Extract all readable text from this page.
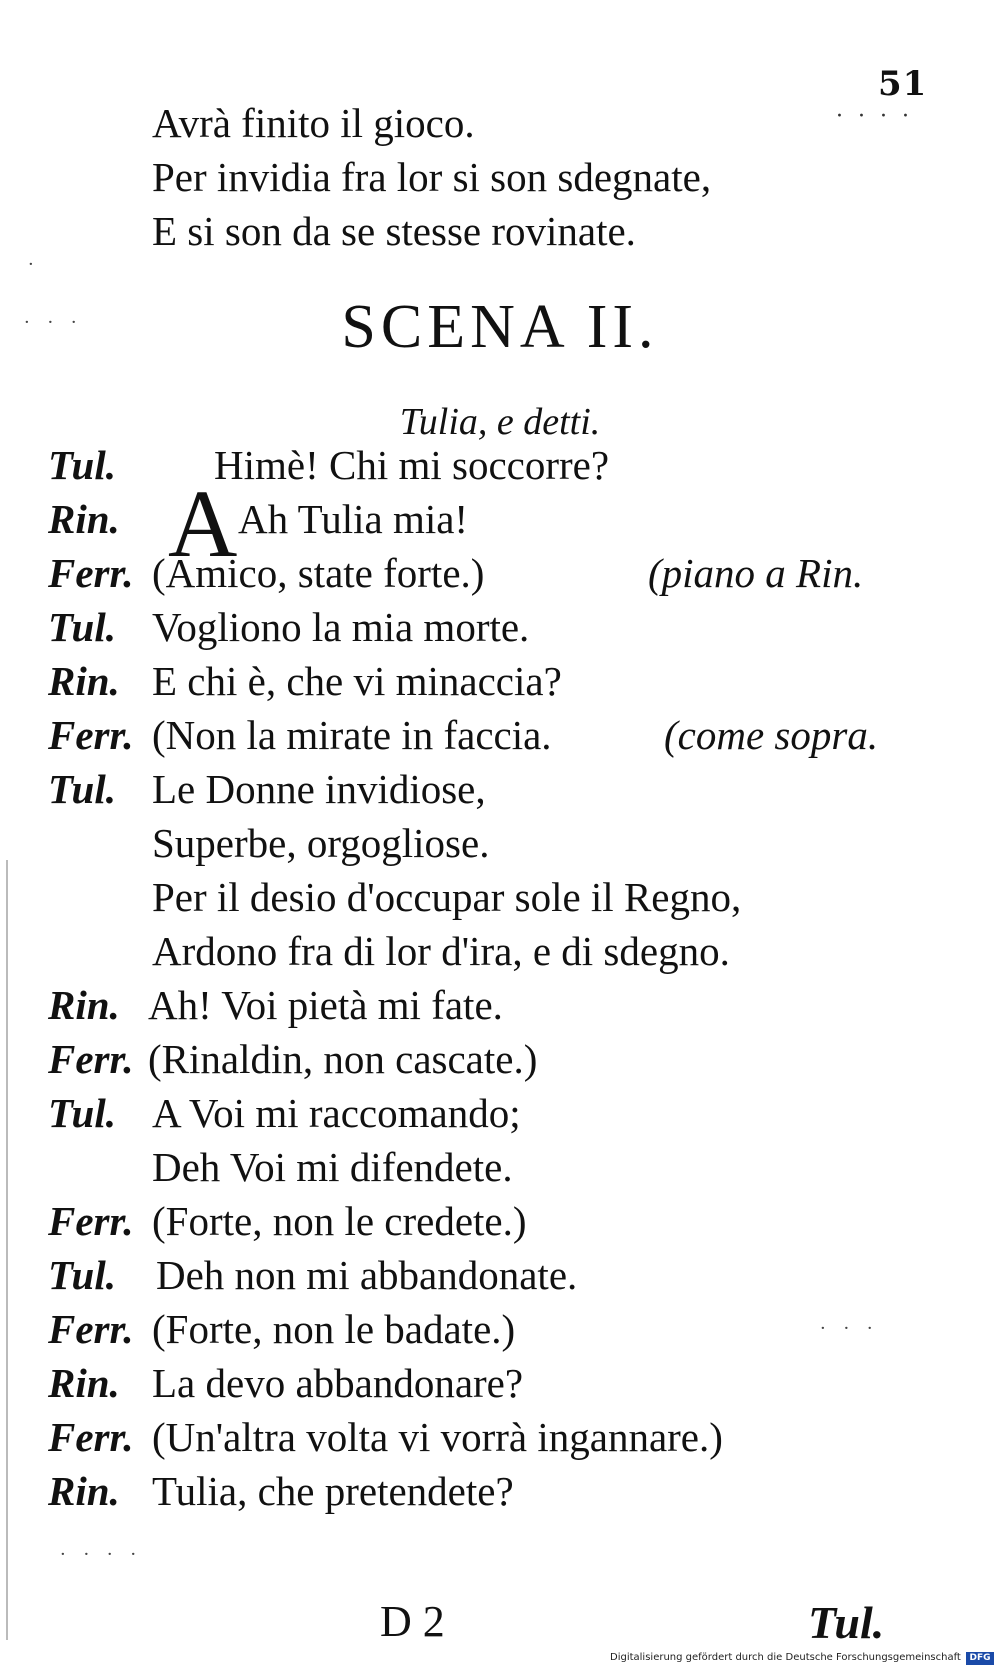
51
· · · ·
Avrà finito il gioco.
Per invidia fra lor si son sdegnate,
E si son da se stesse rovinate.
·
· · ·	SCENA II.
Tulia, e detti.
A
Tul. Himè! Chi mi soccorre?
Rin.	Ah Tulia mia!
Ferr. (Amico, state forte.)	(piano a Rin.
Tul. Vogliono la mia morte.
Rin. E chi è, che vi minaccia?
Ferr. (Non la mirate in faccia.	(come sopra.
Tul. Le Donne invidiose,
Superbe, orgogliose.
Per il desio d'occupar sole il Regno,
Ardono fra di lor d'ira, e di sdegno.
Rin. Ah! Voi pietà mi fate.
Ferr. (Rinaldin, non cascate.)
Tul. A Voi mi raccomando;
Deh Voi mi difendete.
Ferr. (Forte, non le credete.)
Tul. Deh non mi abbandonate.
Ferr. (Forte, non le badate.)
Rin. La devo abbandonare?
Ferr. (Un'altra volta vi vorrà ingannare.)
Rin. Tulia, che pretendete?
· · ·
· · · ·
D 2	Tul.
Digitalisierung gefördert durch die Deutsche Forschungsgemeinschaft DFG
